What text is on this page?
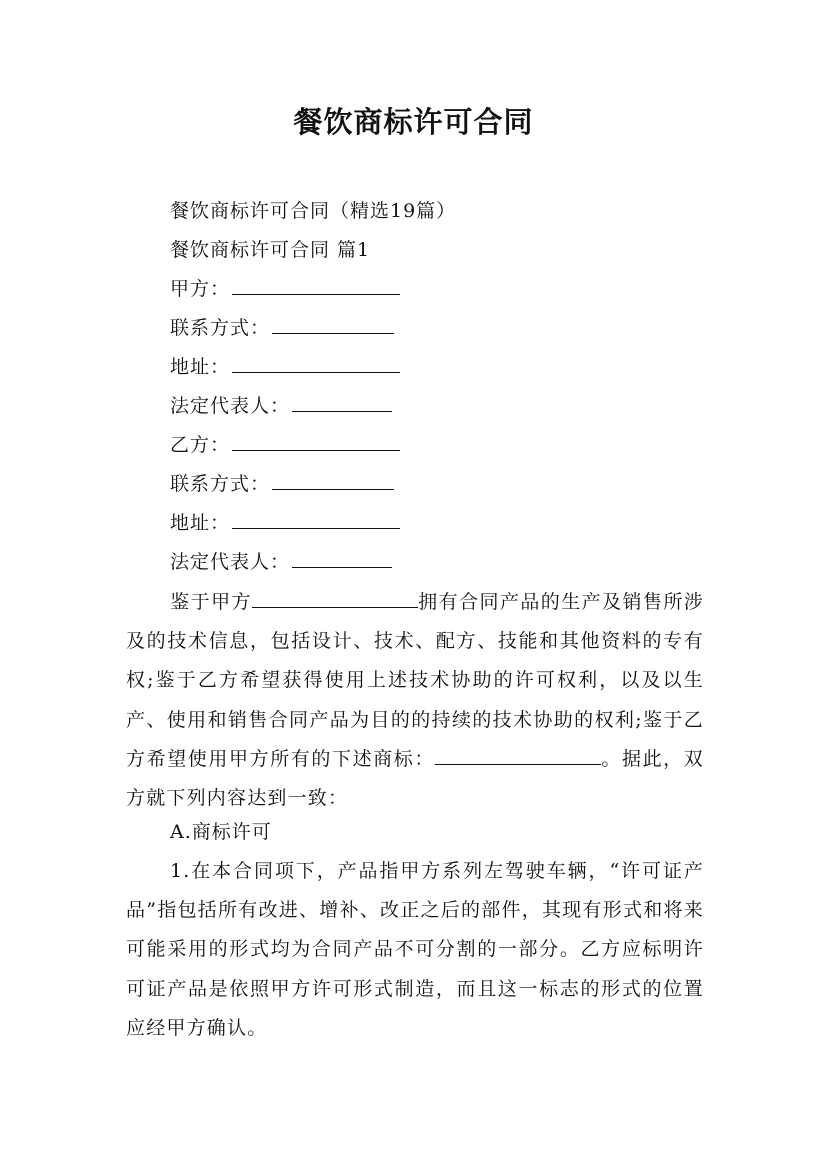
餐饮商标许可合同
餐饮商标许可合同（精选19篇）
餐饮商标许可合同 篇1
甲方：
联系方式：
地址：
法定代表人：
乙方：
联系方式：
地址：
法定代表人：
鉴于甲方	拥有合同产品的生产及销售所涉及的技术信息，包括设计、技术、配方、技能和其他资料的专有权;鉴于乙方希望获得使用上述技术协助的许可权利，以及以生产、使用和销售合同产品为目的的持续的技术协助的权利;鉴于乙方希望使用甲方所有的下述商标：	。据此，双方就下列内容达到一致：
A.商标许可
1.在本合同项下，产品指甲方系列左驾驶车辆，“许可证产品”指包括所有改进、增补、改正之后的部件，其现有形式和将来可能采用的形式均为合同产品不可分割的一部分。乙方应标明许可证产品是依照甲方许可形式制造，而且这一标志的形式的位置应经甲方确认。
